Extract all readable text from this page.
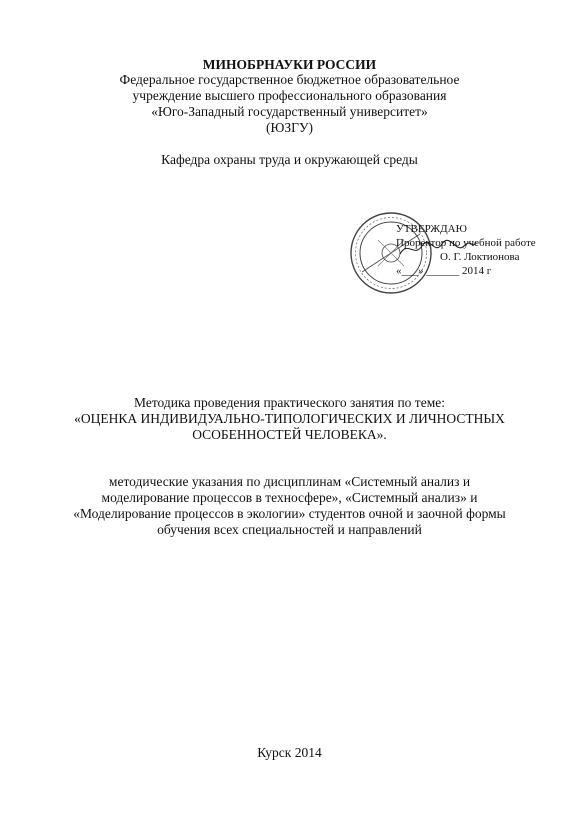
МИНОБРНАУКИ РОССИИ
Федеральное государственное бюджетное образовательное
учреждение высшего профессионального образования
«Юго-Западный государственный университет»
(ЮЗГУ)
Кафедра охраны труда и окружающей среды
УТВЕРЖДАЮ
Проректор по учебной работе
О. Г. Локтионова
«___» ______ 2014 г
Методика проведения практического занятия по теме:
«ОЦЕНКА ИНДИВИДУАЛЬНО-ТИПОЛОГИЧЕСКИХ И ЛИЧНОСТНЫХ
ОСОБЕННОСТЕЙ ЧЕЛОВЕКА».
методические указания по дисциплинам «Системный анализ и
моделирование процессов в техносфере», «Системный анализ» и
«Моделирование процессов в экологии» студентов очной и заочной формы
обучения всех специальностей и направлений
Курск 2014
